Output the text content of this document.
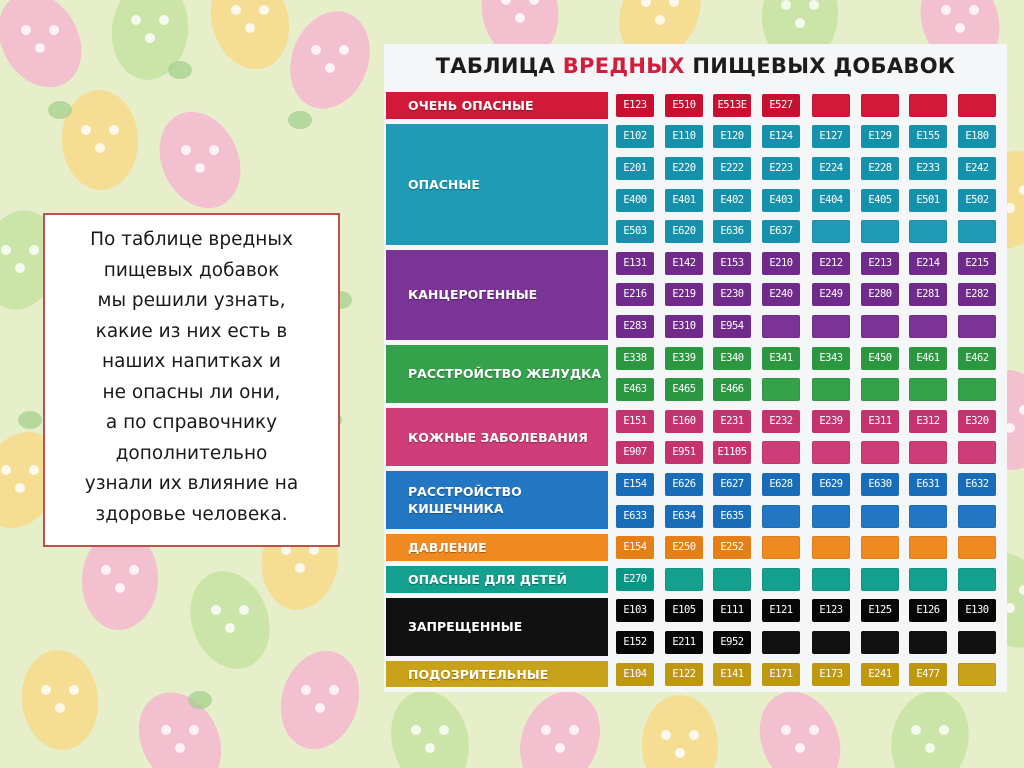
По таблице вредных
пищевых добавок
мы решили узнать,
какие из них есть в
наших напитках и
не опасны ли они,
а по справочнику
дополнительно
узнали их влияние на
здоровье человека.
ТАБЛИЦА ВРЕДНЫХ ПИЩЕВЫХ ДОБАВОК
ОЧЕНЬ ОПАСНЫЕ	E123	E510	E513E	E527
ОПАСНЫЕ
E102	E110	E120	E124	E127	E129	E155	E180
E201	E220	E222	E223	E224	E228	E233	E242
E400	E401	E402	E403	E404	E405	E501	E502
E503	E620	E636	E637
КАНЦЕРОГЕННЫЕ
E131	E142	E153	E210	E212	E213	E214	E215
E216	E219	E230	E240	E249	E280	E281	E282
E283	E310	E954
РАССТРОЙСТВО ЖЕЛУДКА
E338	E339	E340	E341	E343	E450	E461	E462
E463	E465	E466
КОЖНЫЕ ЗАБОЛЕВАНИЯ
E151	E160	E231	E232	E239	E311	E312	E320
E907	E951	E1105
РАССТРОЙСТВО КИШЕЧНИКА
E154	E626	E627	E628	E629	E630	E631	E632
E633	E634	E635
ДАВЛЕНИЕ	E154	E250	E252
ОПАСНЫЕ ДЛЯ ДЕТЕЙ	E270
ЗАПРЕЩЕННЫЕ
E103	E105	E111	E121	E123	E125	E126	E130
E152	E211	E952
ПОДОЗРИТЕЛЬНЫЕ	E104	E122	E141	E171	E173	E241	E477
